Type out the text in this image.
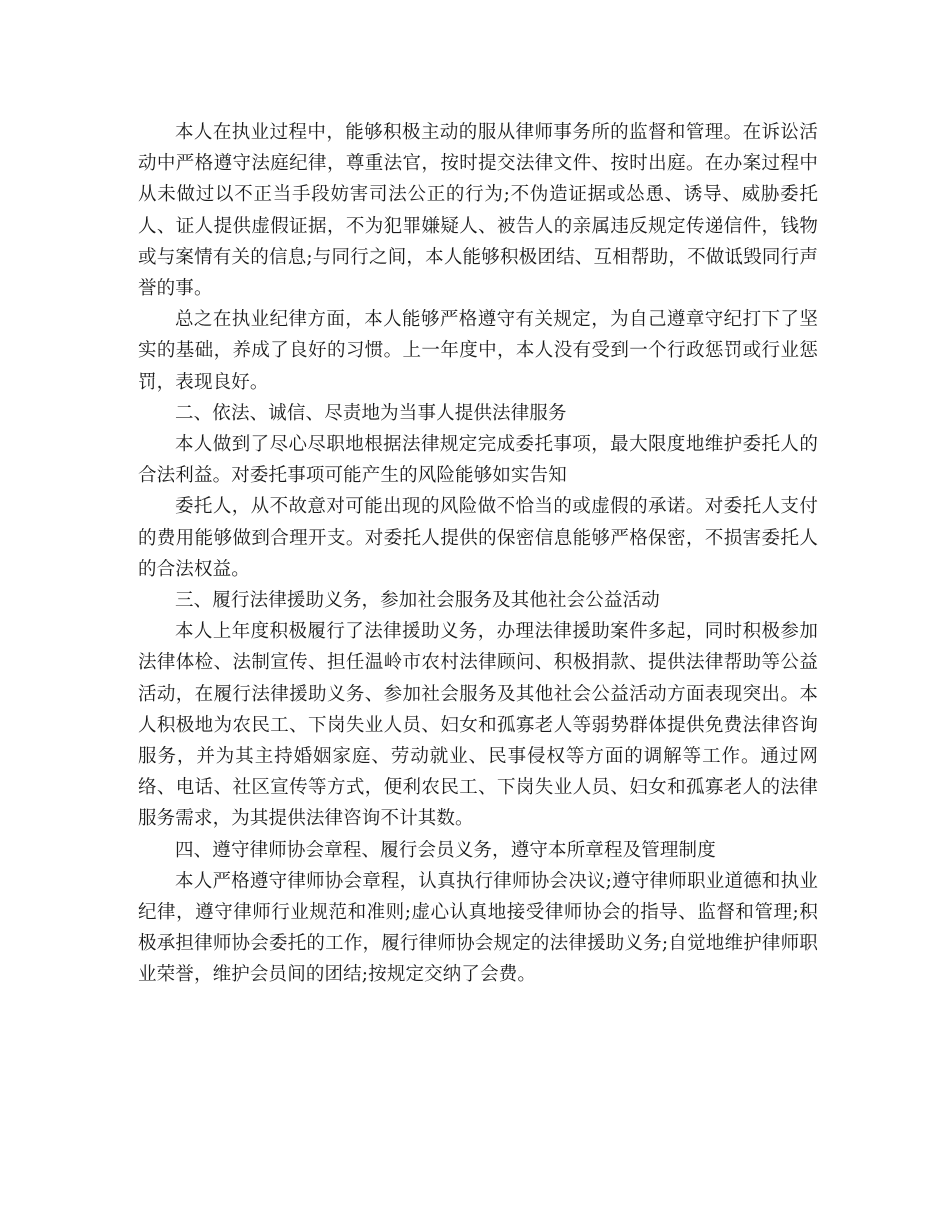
本人在执业过程中，能够积极主动的服从律师事务所的监督和管理。在诉讼活动中严格遵守法庭纪律，尊重法官，按时提交法律文件、按时出庭。在办案过程中从未做过以不正当手段妨害司法公正的行为;不伪造证据或怂恿、诱导、威胁委托人、证人提供虚假证据，不为犯罪嫌疑人、被告人的亲属违反规定传递信件，钱物或与案情有关的信息;与同行之间，本人能够积极团结、互相帮助，不做诋毁同行声誉的事。

总之在执业纪律方面，本人能够严格遵守有关规定，为自己遵章守纪打下了坚实的基础，养成了良好的习惯。上一年度中，本人没有受到一个行政惩罚或行业惩罚，表现良好。

二、依法、诚信、尽责地为当事人提供法律服务

本人做到了尽心尽职地根据法律规定完成委托事项，最大限度地维护委托人的合法利益。对委托事项可能产生的风险能够如实告知

委托人，从不故意对可能出现的风险做不恰当的或虚假的承诺。对委托人支付的费用能够做到合理开支。对委托人提供的保密信息能够严格保密，不损害委托人的合法权益。

三、履行法律援助义务，参加社会服务及其他社会公益活动

本人上年度积极履行了法律援助义务，办理法律援助案件多起，同时积极参加法律体检、法制宣传、担任温岭市农村法律顾问、积极捐款、提供法律帮助等公益活动，在履行法律援助义务、参加社会服务及其他社会公益活动方面表现突出。本人积极地为农民工、下岗失业人员、妇女和孤寡老人等弱势群体提供免费法律咨询服务，并为其主持婚姻家庭、劳动就业、民事侵权等方面的调解等工作。通过网络、电话、社区宣传等方式，便利农民工、下岗失业人员、妇女和孤寡老人的法律服务需求，为其提供法律咨询不计其数。

四、遵守律师协会章程、履行会员义务，遵守本所章程及管理制度

本人严格遵守律师协会章程，认真执行律师协会决议;遵守律师职业道德和执业纪律，遵守律师行业规范和准则;虚心认真地接受律师协会的指导、监督和管理;积极承担律师协会委托的工作，履行律师协会规定的法律援助义务;自觉地维护律师职业荣誉，维护会员间的团结;按规定交纳了会费。
